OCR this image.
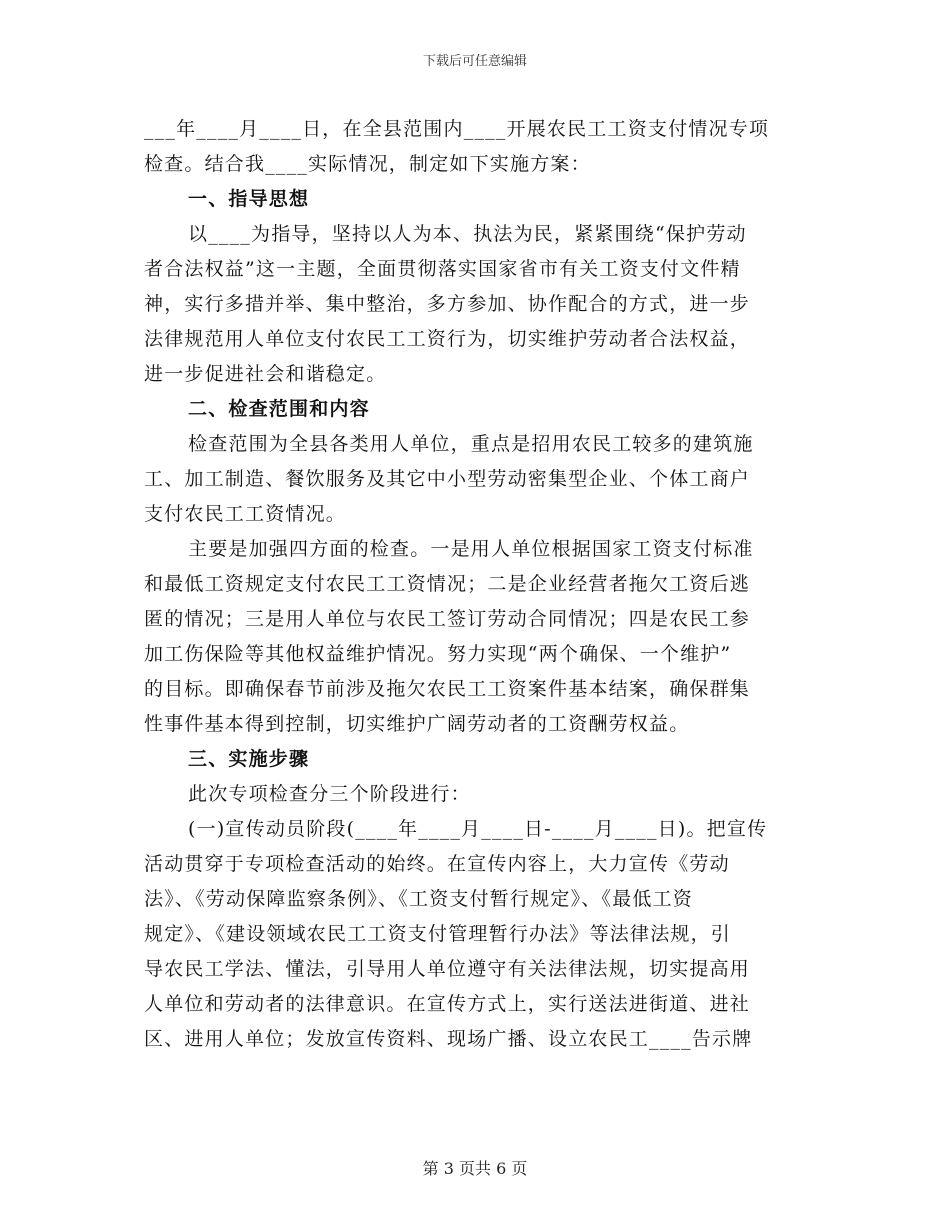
下载后可任意编辑
___年____月____日，在全县范围内____开展农民工工资支付情况专项
检查。结合我____实际情况，制定如下实施方案：
一、指导思想
以____为指导，坚持以人为本、执法为民，紧紧围绕“保护劳动
者合法权益”这一主题，全面贯彻落实国家省市有关工资支付文件精
神，实行多措并举、集中整治，多方参加、协作配合的方式，进一步
法律规范用人单位支付农民工工资行为，切实维护劳动者合法权益，
进一步促进社会和谐稳定。
二、检查范围和内容
检查范围为全县各类用人单位，重点是招用农民工较多的建筑施
工、加工制造、餐饮服务及其它中小型劳动密集型企业、个体工商户
支付农民工工资情况。
主要是加强四方面的检查。一是用人单位根据国家工资支付标准
和最低工资规定支付农民工工资情况；二是企业经营者拖欠工资后逃
匿的情况；三是用人单位与农民工签订劳动合同情况；四是农民工参
加工伤保险等其他权益维护情况。努力实现“两个确保、一个维护”
的目标。即确保春节前涉及拖欠农民工工资案件基本结案，确保群集
性事件基本得到控制，切实维护广阔劳动者的工资酬劳权益。
三、实施步骤
此次专项检查分三个阶段进行：
(一)宣传动员阶段(____年____月____日-____月____日)。把宣传
活动贯穿于专项检查活动的始终。在宣传内容上，大力宣传《劳动
法》、《劳动保障监察条例》、《工资支付暂行规定》、《最低工资
规定》、《建设领域农民工工资支付管理暂行办法》等法律法规，引
导农民工学法、懂法，引导用人单位遵守有关法律法规，切实提高用
人单位和劳动者的法律意识。在宣传方式上，实行送法进街道、进社
区、进用人单位；发放宣传资料、现场广播、设立农民工____告示牌
第 3 页共 6 页
